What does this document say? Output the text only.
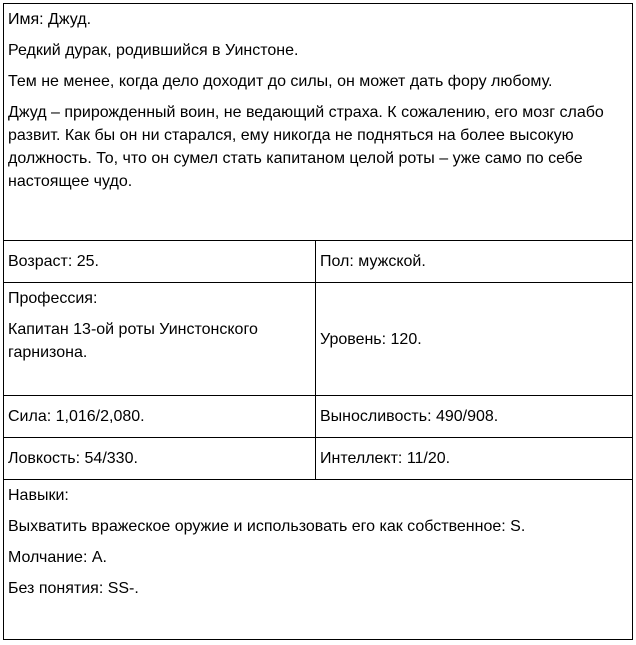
Имя: Джуд.

Редкий дурак, родившийся в Уинстоне.

Тем не менее, когда дело доходит до силы, он может дать фору любому.

Джуд – прирожденный воин, не ведающий страха. К сожалению, его мозг слабо развит. Как бы он ни старался, ему никогда не подняться на более высокую должность. То, что он сумел стать капитаном целой роты – уже само по себе настоящее чудо.	

Возраст: 25.	Пол: мужской.

Профессия:

Капитан 13-ой роты Уинстонского гарнизона.	Уровень: 120.
Сила: 1,016/2,080.	Выносливость: 490/908.
Ловкость: 54/330.	Интеллект: 11/20.

Навыки:

Выхватить вражеское оружие и использовать его как собственное: S.

Молчание: A.

Без понятия: SS-.	
